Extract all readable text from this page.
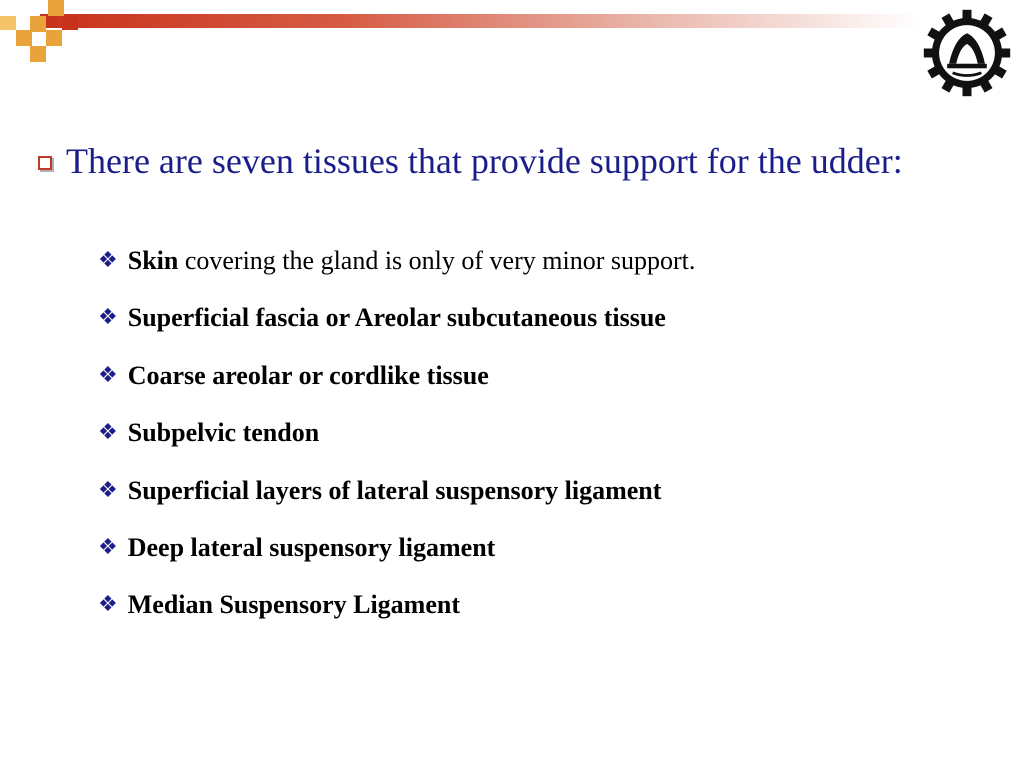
There are seven tissues that provide support for the udder:
❖ Skin covering the gland is only of very minor support.
❖ Superficial fascia or Areolar subcutaneous tissue
❖ Coarse areolar or cordlike tissue
❖ Subpelvic tendon
❖ Superficial layers of lateral suspensory ligament
❖ Deep lateral suspensory ligament
❖ Median Suspensory Ligament
